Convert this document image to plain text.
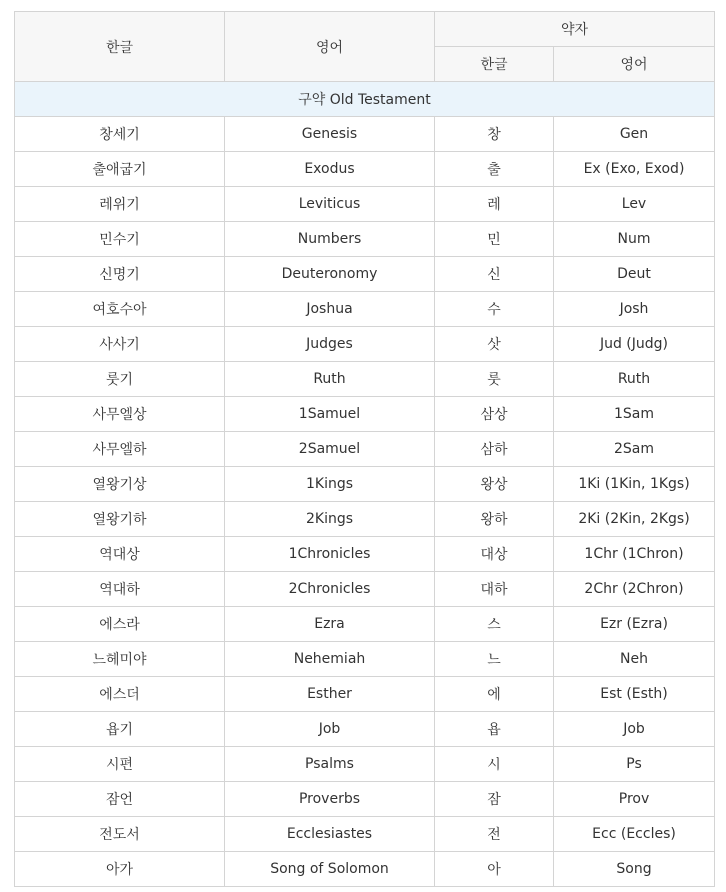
한글	영어	약자	
		한글	영어
구약 Old Testament			
창세기	Genesis	창	Gen
출애굽기	Exodus	출	Ex (Exo, Exod)
레위기	Leviticus	레	Lev
민수기	Numbers	민	Num
신명기	Deuteronomy	신	Deut
여호수아	Joshua	수	Josh
사사기	Judges	삿	Jud (Judg)
룻기	Ruth	룻	Ruth
사무엘상	1Samuel	삼상	1Sam
사무엘하	2Samuel	삼하	2Sam
열왕기상	1Kings	왕상	1Ki (1Kin, 1Kgs)
열왕기하	2Kings	왕하	2Ki (2Kin, 2Kgs)
역대상	1Chronicles	대상	1Chr (1Chron)
역대하	2Chronicles	대하	2Chr (2Chron)
에스라	Ezra	스	Ezr (Ezra)
느헤미야	Nehemiah	느	Neh
에스더	Esther	에	Est (Esth)
욥기	Job	욥	Job
시편	Psalms	시	Ps
잠언	Proverbs	잠	Prov
전도서	Ecclesiastes	전	Ecc (Eccles)
아가	Song of Solomon	아	Song
